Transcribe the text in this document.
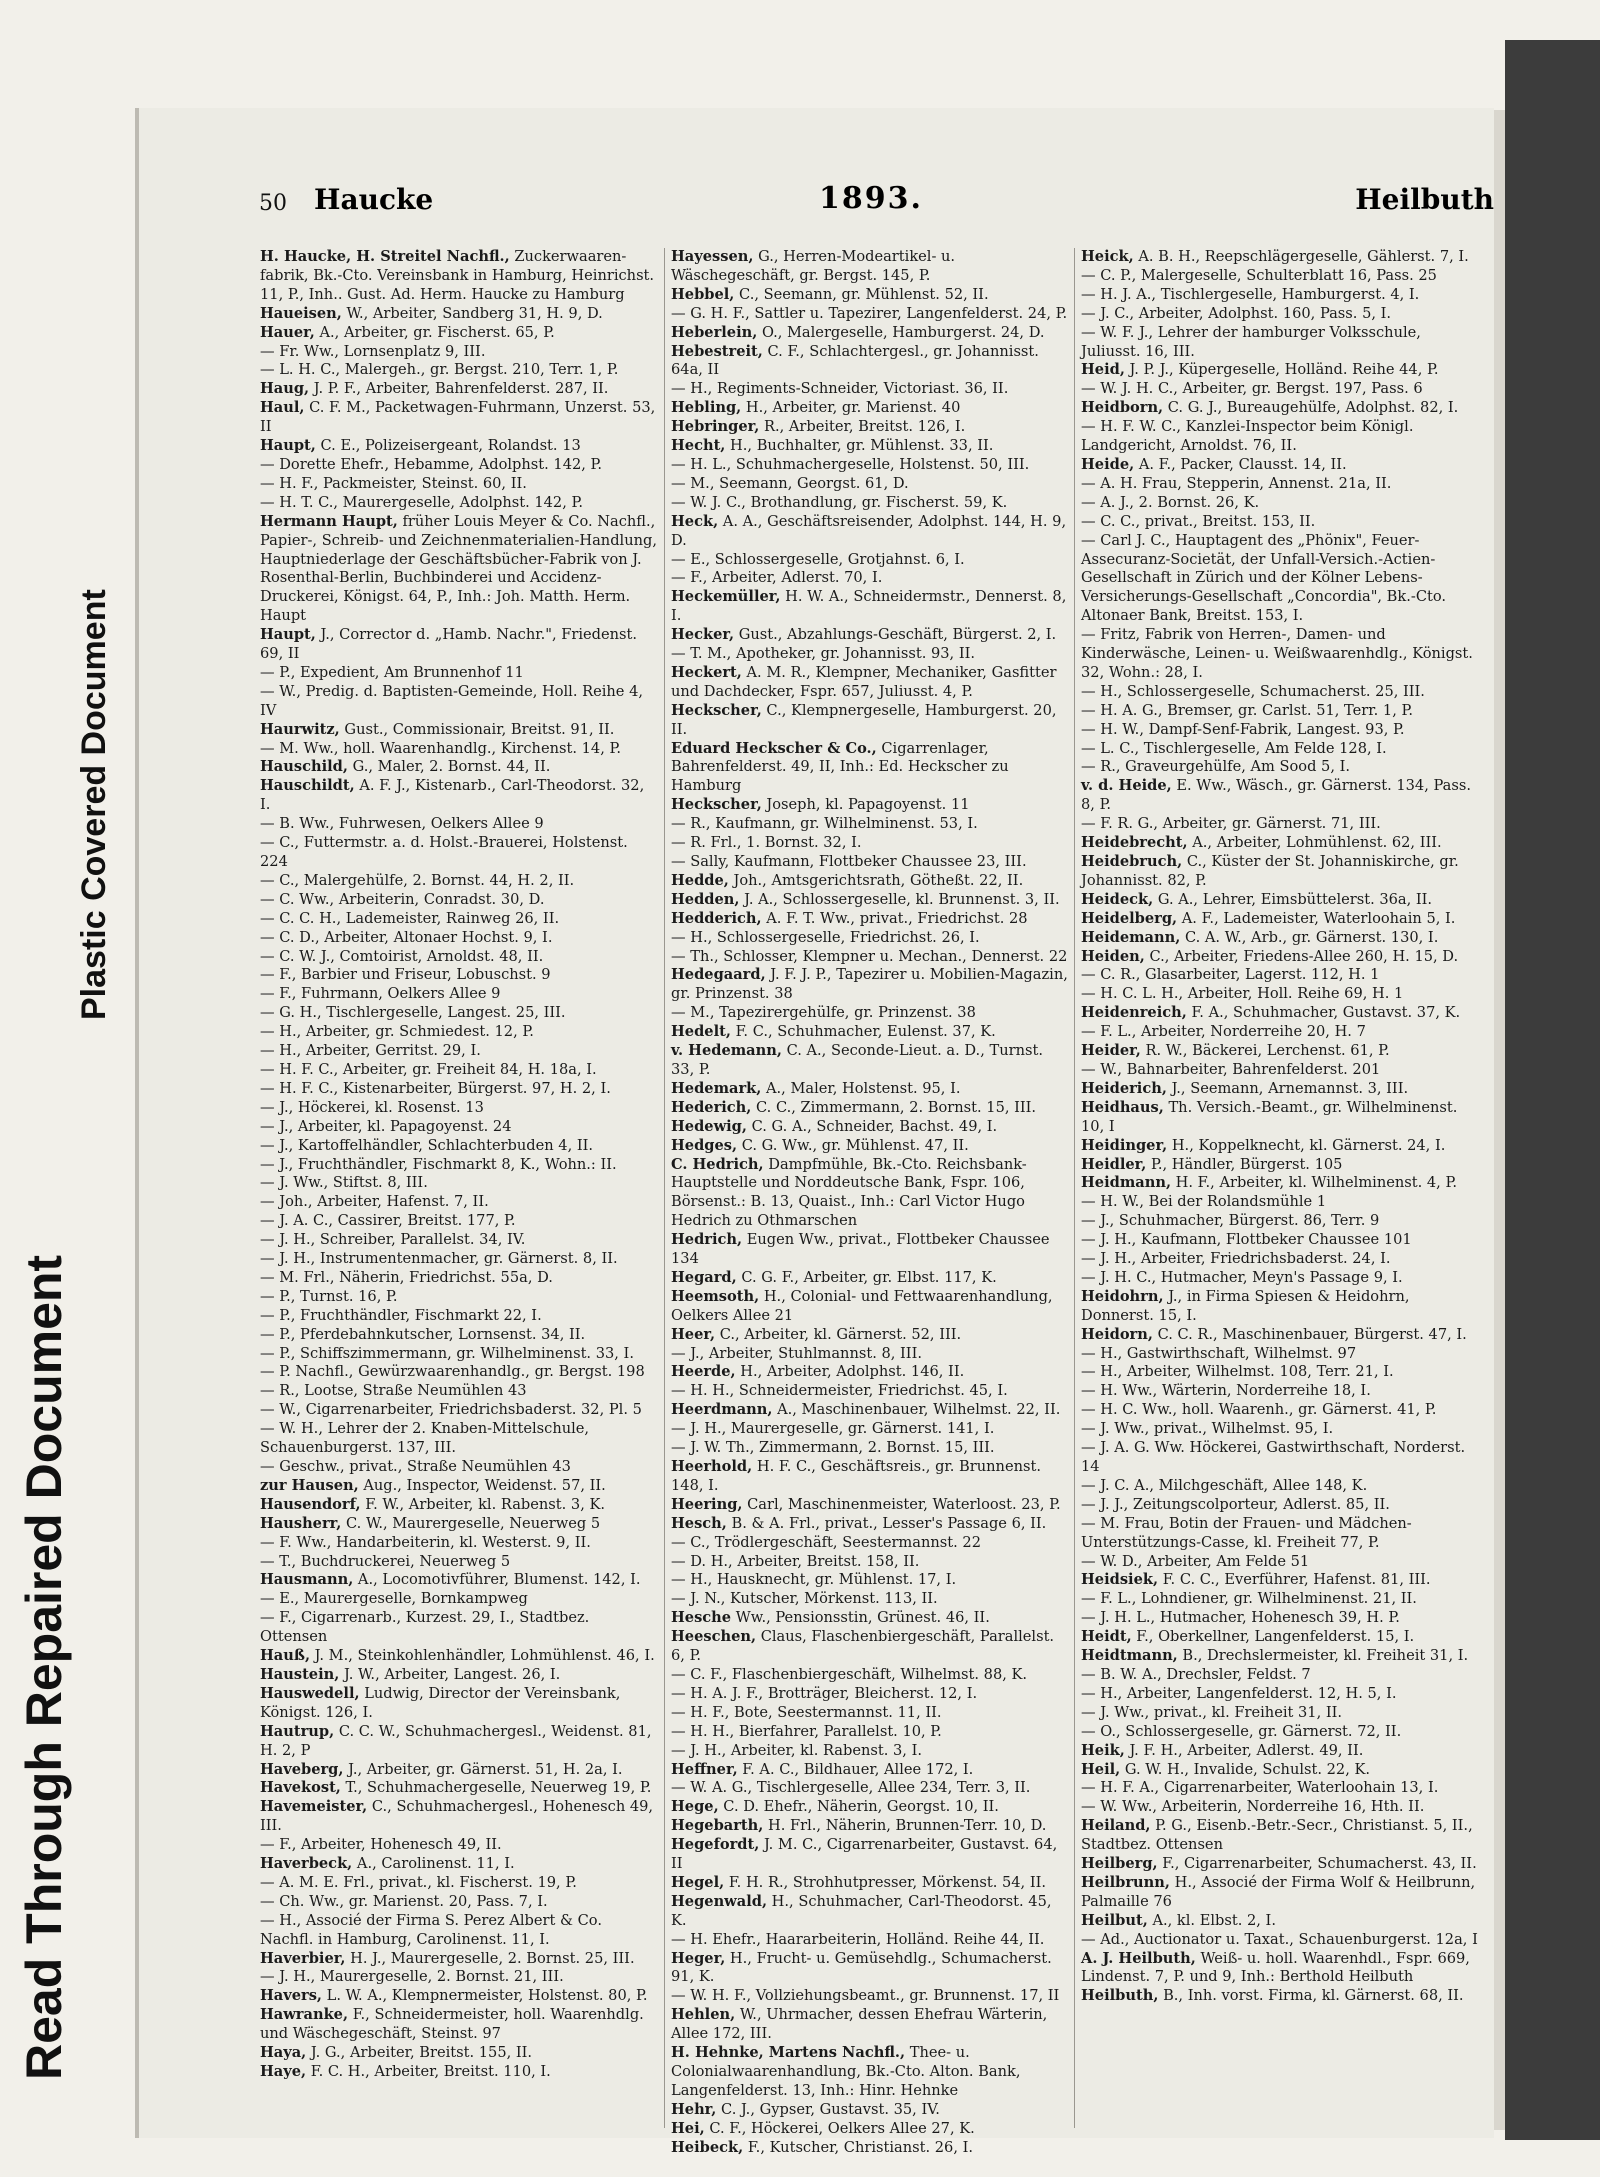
Read Through Repaired Document
Plastic Covered Document
50 Haucke	1893.	Heilbuth
H. Haucke, H. Streitel Nachfl., Zuckerwaaren-fabrik, Bk.-Cto. Vereinsbank in Hamburg, Heinrichst. 11, P., Inh.. Gust. Ad. Herm. Haucke zu Hamburg
Haueisen, W., Arbeiter, Sandberg 31, H. 9, D.
Hauer, A., Arbeiter, gr. Fischerst. 65, P.
— Fr. Ww., Lornsenplatz 9, III.
— L. H. C., Malergeh., gr. Bergst. 210, Terr. 1, P.
Haug, J. P. F., Arbeiter, Bahrenfelderst. 287, II.
Haul, C. F. M., Packetwagen-Fuhrmann, Unzerst. 53, II
Haupt, C. E., Polizeisergeant, Rolandst. 13
— Dorette Ehefr., Hebamme, Adolphst. 142, P.
— H. F., Packmeister, Steinst. 60, II.
— H. T. C., Maurergeselle, Adolphst. 142, P.
Hermann Haupt, früher Louis Meyer & Co. Nachfl., Papier-, Schreib- und Zeichnenmaterialien-Handlung, Hauptniederlage der Geschäftsbücher-Fabrik von J. Rosenthal-Berlin, Buchbinderei und Accidenz-Druckerei, Königst. 64, P., Inh.: Joh. Matth. Herm. Haupt
Haupt, J., Corrector d. „Hamb. Nachr.", Friedenst. 69, II
— P., Expedient, Am Brunnenhof 11
— W., Predig. d. Baptisten-Gemeinde, Holl. Reihe 4, IV
Haurwitz, Gust., Commissionair, Breitst. 91, II.
— M. Ww., holl. Waarenhandlg., Kirchenst. 14, P.
Hauschild, G., Maler, 2. Bornst. 44, II.
Hauschildt, A. F. J., Kistenarb., Carl-Theodorst. 32, I.
— B. Ww., Fuhrwesen, Oelkers Allee 9
— C., Futtermstr. a. d. Holst.-Brauerei, Holstenst. 224
— C., Malergehülfe, 2. Bornst. 44, H. 2, II.
— C. Ww., Arbeiterin, Conradst. 30, D.
— C. C. H., Lademeister, Rainweg 26, II.
— C. D., Arbeiter, Altonaer Hochst. 9, I.
— C. W. J., Comtoirist, Arnoldst. 48, II.
— F., Barbier und Friseur, Lobuschst. 9
— F., Fuhrmann, Oelkers Allee 9
— G. H., Tischlergeselle, Langest. 25, III.
— H., Arbeiter, gr. Schmiedest. 12, P.
— H., Arbeiter, Gerritst. 29, I.
— H. F. C., Arbeiter, gr. Freiheit 84, H. 18a, I.
— H. F. C., Kistenarbeiter, Bürgerst. 97, H. 2, I.
— J., Höckerei, kl. Rosenst. 13
— J., Arbeiter, kl. Papagoyenst. 24
— J., Kartoffelhändler, Schlachterbuden 4, II.
— J., Fruchthändler, Fischmarkt 8, K., Wohn.: II.
— J. Ww., Stiftst. 8, III.
— Joh., Arbeiter, Hafenst. 7, II.
— J. A. C., Cassirer, Breitst. 177, P.
— J. H., Schreiber, Parallelst. 34, IV.
— J. H., Instrumentenmacher, gr. Gärnerst. 8, II.
— M. Frl., Näherin, Friedrichst. 55a, D.
— P., Turnst. 16, P.
— P., Fruchthändler, Fischmarkt 22, I.
— P., Pferdebahnkutscher, Lornsenst. 34, II.
— P., Schiffszimmermann, gr. Wilhelminenst. 33, I.
— P. Nachfl., Gewürzwaarenhandlg., gr. Bergst. 198
— R., Lootse, Straße Neumühlen 43
— W., Cigarrenarbeiter, Friedrichsbaderst. 32, Pl. 5
— W. H., Lehrer der 2. Knaben-Mittelschule, Schauenburgerst. 137, III.
— Geschw., privat., Straße Neumühlen 43
zur Hausen, Aug., Inspector, Weidenst. 57, II.
Hausendorf, F. W., Arbeiter, kl. Rabenst. 3, K.
Hausherr, C. W., Maurergeselle, Neuerweg 5
— F. Ww., Handarbeiterin, kl. Westerst. 9, II.
— T., Buchdruckerei, Neuerweg 5
Hausmann, A., Locomotivführer, Blumenst. 142, I.
— E., Maurergeselle, Bornkampweg
— F., Cigarrenarb., Kurzest. 29, I., Stadtbez. Ottensen
Hauß, J. M., Steinkohlenhändler, Lohmühlenst. 46, I.
Haustein, J. W., Arbeiter, Langest. 26, I.
Hauswedell, Ludwig, Director der Vereinsbank, Königst. 126, I.
Hautrup, C. C. W., Schuhmachergesl., Weidenst. 81, H. 2, P
Haveberg, J., Arbeiter, gr. Gärnerst. 51, H. 2a, I.
Havekost, T., Schuhmachergeselle, Neuerweg 19, P.
Havemeister, C., Schuhmachergesl., Hohenesch 49, III.
— F., Arbeiter, Hohenesch 49, II.
Haverbeck, A., Carolinenst. 11, I.
— A. M. E. Frl., privat., kl. Fischerst. 19, P.
— Ch. Ww., gr. Marienst. 20, Pass. 7, I.
— H., Associé der Firma S. Perez Albert & Co. Nachfl. in Hamburg, Carolinenst. 11, I.
Haverbier, H. J., Maurergeselle, 2. Bornst. 25, III.
— J. H., Maurergeselle, 2. Bornst. 21, III.
Havers, L. W. A., Klempnermeister, Holstenst. 80, P.
Hawranke, F., Schneidermeister, holl. Waarenhdlg. und Wäschegeschäft, Steinst. 97
Haya, J. G., Arbeiter, Breitst. 155, II.
Haye, F. C. H., Arbeiter, Breitst. 110, I.
Hayessen, G., Herren-Modeartikel- u. Wäschegeschäft, gr. Bergst. 145, P.
Hebbel, C., Seemann, gr. Mühlenst. 52, II.
— G. H. F., Sattler u. Tapezirer, Langenfelderst. 24, P.
Heberlein, O., Malergeselle, Hamburgerst. 24, D.
Hebestreit, C. F., Schlachtergesl., gr. Johannisst. 64a, II
— H., Regiments-Schneider, Victoriast. 36, II.
Hebling, H., Arbeiter, gr. Marienst. 40
Hebringer, R., Arbeiter, Breitst. 126, I.
Hecht, H., Buchhalter, gr. Mühlenst. 33, II.
— H. L., Schuhmachergeselle, Holstenst. 50, III.
— M., Seemann, Georgst. 61, D.
— W. J. C., Brothandlung, gr. Fischerst. 59, K.
Heck, A. A., Geschäftsreisender, Adolphst. 144, H. 9, D.
— E., Schlossergeselle, Grotjahnst. 6, I.
— F., Arbeiter, Adlerst. 70, I.
Heckemüller, H. W. A., Schneidermstr., Dennerst. 8, I.
Hecker, Gust., Abzahlungs-Geschäft, Bürgerst. 2, I.
— T. M., Apotheker, gr. Johannisst. 93, II.
Heckert, A. M. R., Klempner, Mechaniker, Gasfitter und Dachdecker, Fspr. 657, Juliusst. 4, P.
Heckscher, C., Klempnergeselle, Hamburgerst. 20, II.
Eduard Heckscher & Co., Cigarrenlager, Bahrenfelderst. 49, II, Inh.: Ed. Heckscher zu Hamburg
Heckscher, Joseph, kl. Papagoyenst. 11
— R., Kaufmann, gr. Wilhelminenst. 53, I.
— R. Frl., 1. Bornst. 32, I.
— Sally, Kaufmann, Flottbeker Chaussee 23, III.
Hedde, Joh., Amtsgerichtsrath, Götheßt. 22, II.
Hedden, J. A., Schlossergeselle, kl. Brunnenst. 3, II.
Hedderich, A. F. T. Ww., privat., Friedrichst. 28
— H., Schlossergeselle, Friedrichst. 26, I.
— Th., Schlosser, Klempner u. Mechan., Dennerst. 22
Hedegaard, J. F. J. P., Tapezirer u. Mobilien-Magazin, gr. Prinzenst. 38
— M., Tapezirergehülfe, gr. Prinzenst. 38
Hedelt, F. C., Schuhmacher, Eulenst. 37, K.
v. Hedemann, C. A., Seconde-Lieut. a. D., Turnst. 33, P.
Hedemark, A., Maler, Holstenst. 95, I.
Hederich, C. C., Zimmermann, 2. Bornst. 15, III.
Hedewig, C. G. A., Schneider, Bachst. 49, I.
Hedges, C. G. Ww., gr. Mühlenst. 47, II.
C. Hedrich, Dampfmühle, Bk.-Cto. Reichsbank-Hauptstelle und Norddeutsche Bank, Fspr. 106, Börsenst.: B. 13, Quaist., Inh.: Carl Victor Hugo Hedrich zu Othmarschen
Hedrich, Eugen Ww., privat., Flottbeker Chaussee 134
Hegard, C. G. F., Arbeiter, gr. Elbst. 117, K.
Heemsoth, H., Colonial- und Fettwaarenhandlung, Oelkers Allee 21
Heer, C., Arbeiter, kl. Gärnerst. 52, III.
— J., Arbeiter, Stuhlmannst. 8, III.
Heerde, H., Arbeiter, Adolphst. 146, II.
— H. H., Schneidermeister, Friedrichst. 45, I.
Heerdmann, A., Maschinenbauer, Wilhelmst. 22, II.
— J. H., Maurergeselle, gr. Gärnerst. 141, I.
— J. W. Th., Zimmermann, 2. Bornst. 15, III.
Heerhold, H. F. C., Geschäftsreis., gr. Brunnenst. 148, I.
Heering, Carl, Maschinenmeister, Waterloost. 23, P.
Hesch, B. & A. Frl., privat., Lesser's Passage 6, II.
— C., Trödlergeschäft, Seestermannst. 22
— D. H., Arbeiter, Breitst. 158, II.
— H., Hausknecht, gr. Mühlenst. 17, I.
— J. N., Kutscher, Mörkenst. 113, II.
Hesche Ww., Pensionsstin, Grünest. 46, II.
Heeschen, Claus, Flaschenbiergeschäft, Parallelst. 6, P.
— C. F., Flaschenbiergeschäft, Wilhelmst. 88, K.
— H. A. J. F., Brotträger, Bleicherst. 12, I.
— H. F., Bote, Seestermannst. 11, II.
— H. H., Bierfahrer, Parallelst. 10, P.
— J. H., Arbeiter, kl. Rabenst. 3, I.
Heffner, F. A. C., Bildhauer, Allee 172, I.
— W. A. G., Tischlergeselle, Allee 234, Terr. 3, II.
Hege, C. D. Ehefr., Näherin, Georgst. 10, II.
Hegebarth, H. Frl., Näherin, Brunnen-Terr. 10, D.
Hegefordt, J. M. C., Cigarrenarbeiter, Gustavst. 64, II
Hegel, F. H. R., Strohhutpresser, Mörkenst. 54, II.
Hegenwald, H., Schuhmacher, Carl-Theodorst. 45, K.
— H. Ehefr., Haararbeiterin, Holländ. Reihe 44, II.
Heger, H., Frucht- u. Gemüsehdlg., Schumacherst. 91, K.
— W. H. F., Vollziehungsbeamt., gr. Brunnenst. 17, II
Hehlen, W., Uhrmacher, dessen Ehefrau Wärterin, Allee 172, III.
H. Hehnke, Martens Nachfl., Thee- u. Colonialwaarenhandlung, Bk.-Cto. Alton. Bank, Langenfelderst. 13, Inh.: Hinr. Hehnke
Hehr, C. J., Gypser, Gustavst. 35, IV.
Hei, C. F., Höckerei, Oelkers Allee 27, K.
Heibeck, F., Kutscher, Christianst. 26, I.
Heick, A. B. H., Reepschlägergeselle, Gählerst. 7, I.
— C. P., Malergeselle, Schulterblatt 16, Pass. 25
— H. J. A., Tischlergeselle, Hamburgerst. 4, I.
— J. C., Arbeiter, Adolphst. 160, Pass. 5, I.
— W. F. J., Lehrer der hamburger Volksschule, Juliusst. 16, III.
Heid, J. P. J., Küpergeselle, Holländ. Reihe 44, P.
— W. J. H. C., Arbeiter, gr. Bergst. 197, Pass. 6
Heidborn, C. G. J., Bureaugehülfe, Adolphst. 82, I.
— H. F. W. C., Kanzlei-Inspector beim Königl. Landgericht, Arnoldst. 76, II.
Heide, A. F., Packer, Clausst. 14, II.
— A. H. Frau, Stepperin, Annenst. 21a, II.
— A. J., 2. Bornst. 26, K.
— C. C., privat., Breitst. 153, II.
— Carl J. C., Hauptagent des „Phönix", Feuer-Assecuranz-Societät, der Unfall-Versich.-Actien-Gesellschaft in Zürich und der Kölner Lebens-Versicherungs-Gesellschaft „Concordia", Bk.-Cto. Altonaer Bank, Breitst. 153, I.
— Fritz, Fabrik von Herren-, Damen- und Kinderwäsche, Leinen- u. Weißwaarenhdlg., Königst. 32, Wohn.: 28, I.
— H., Schlossergeselle, Schumacherst. 25, III.
— H. A. G., Bremser, gr. Carlst. 51, Terr. 1, P.
— H. W., Dampf-Senf-Fabrik, Langest. 93, P.
— L. C., Tischlergeselle, Am Felde 128, I.
— R., Graveurgehülfe, Am Sood 5, I.
v. d. Heide, E. Ww., Wäsch., gr. Gärnerst. 134, Pass. 8, P.
— F. R. G., Arbeiter, gr. Gärnerst. 71, III.
Heidebrecht, A., Arbeiter, Lohmühlenst. 62, III.
Heidebruch, C., Küster der St. Johanniskirche, gr. Johannisst. 82, P.
Heideck, G. A., Lehrer, Eimsbüttelerst. 36a, II.
Heidelberg, A. F., Lademeister, Waterloohain 5, I.
Heidemann, C. A. W., Arb., gr. Gärnerst. 130, I.
Heiden, C., Arbeiter, Friedens-Allee 260, H. 15, D.
— C. R., Glasarbeiter, Lagerst. 112, H. 1
— H. C. L. H., Arbeiter, Holl. Reihe 69, H. 1
Heidenreich, F. A., Schuhmacher, Gustavst. 37, K.
— F. L., Arbeiter, Norderreihe 20, H. 7
Heider, R. W., Bäckerei, Lerchenst. 61, P.
— W., Bahnarbeiter, Bahrenfelderst. 201
Heiderich, J., Seemann, Arnemannst. 3, III.
Heidhaus, Th. Versich.-Beamt., gr. Wilhelminenst. 10, I
Heidinger, H., Koppelknecht, kl. Gärnerst. 24, I.
Heidler, P., Händler, Bürgerst. 105
Heidmann, H. F., Arbeiter, kl. Wilhelminenst. 4, P.
— H. W., Bei der Rolandsmühle 1
— J., Schuhmacher, Bürgerst. 86, Terr. 9
— J. H., Kaufmann, Flottbeker Chaussee 101
— J. H., Arbeiter, Friedrichsbaderst. 24, I.
— J. H. C., Hutmacher, Meyn's Passage 9, I.
Heidohrn, J., in Firma Spiesen & Heidohrn, Donnerst. 15, I.
Heidorn, C. C. R., Maschinenbauer, Bürgerst. 47, I.
— H., Gastwirthschaft, Wilhelmst. 97
— H., Arbeiter, Wilhelmst. 108, Terr. 21, I.
— H. Ww., Wärterin, Norderreihe 18, I.
— H. C. Ww., holl. Waarenh., gr. Gärnerst. 41, P.
— J. Ww., privat., Wilhelmst. 95, I.
— J. A. G. Ww. Höckerei, Gastwirthschaft, Norderst. 14
— J. C. A., Milchgeschäft, Allee 148, K.
— J. J., Zeitungscolporteur, Adlerst. 85, II.
— M. Frau, Botin der Frauen- und Mädchen-Unterstützungs-Casse, kl. Freiheit 77, P.
— W. D., Arbeiter, Am Felde 51
Heidsiek, F. C. C., Everführer, Hafenst. 81, III.
— F. L., Lohndiener, gr. Wilhelminenst. 21, II.
— J. H. L., Hutmacher, Hohenesch 39, H. P.
Heidt, F., Oberkellner, Langenfelderst. 15, I.
Heidtmann, B., Drechslermeister, kl. Freiheit 31, I.
— B. W. A., Drechsler, Feldst. 7
— H., Arbeiter, Langenfelderst. 12, H. 5, I.
— J. Ww., privat., kl. Freiheit 31, II.
— O., Schlossergeselle, gr. Gärnerst. 72, II.
Heik, J. F. H., Arbeiter, Adlerst. 49, II.
Heil, G. W. H., Invalide, Schulst. 22, K.
— H. F. A., Cigarrenarbeiter, Waterloohain 13, I.
— W. Ww., Arbeiterin, Norderreihe 16, Hth. II.
Heiland, P. G., Eisenb.-Betr.-Secr., Christianst. 5, II., Stadtbez. Ottensen
Heilberg, F., Cigarrenarbeiter, Schumacherst. 43, II.
Heilbrunn, H., Associé der Firma Wolf & Heilbrunn, Palmaille 76
Heilbut, A., kl. Elbst. 2, I.
— Ad., Auctionator u. Taxat., Schauenburgerst. 12a, I
A. J. Heilbuth, Weiß- u. holl. Waarenhdl., Fspr. 669, Lindenst. 7, P. und 9, Inh.: Berthold Heilbuth
Heilbuth, B., Inh. vorst. Firma, kl. Gärnerst. 68, II.
